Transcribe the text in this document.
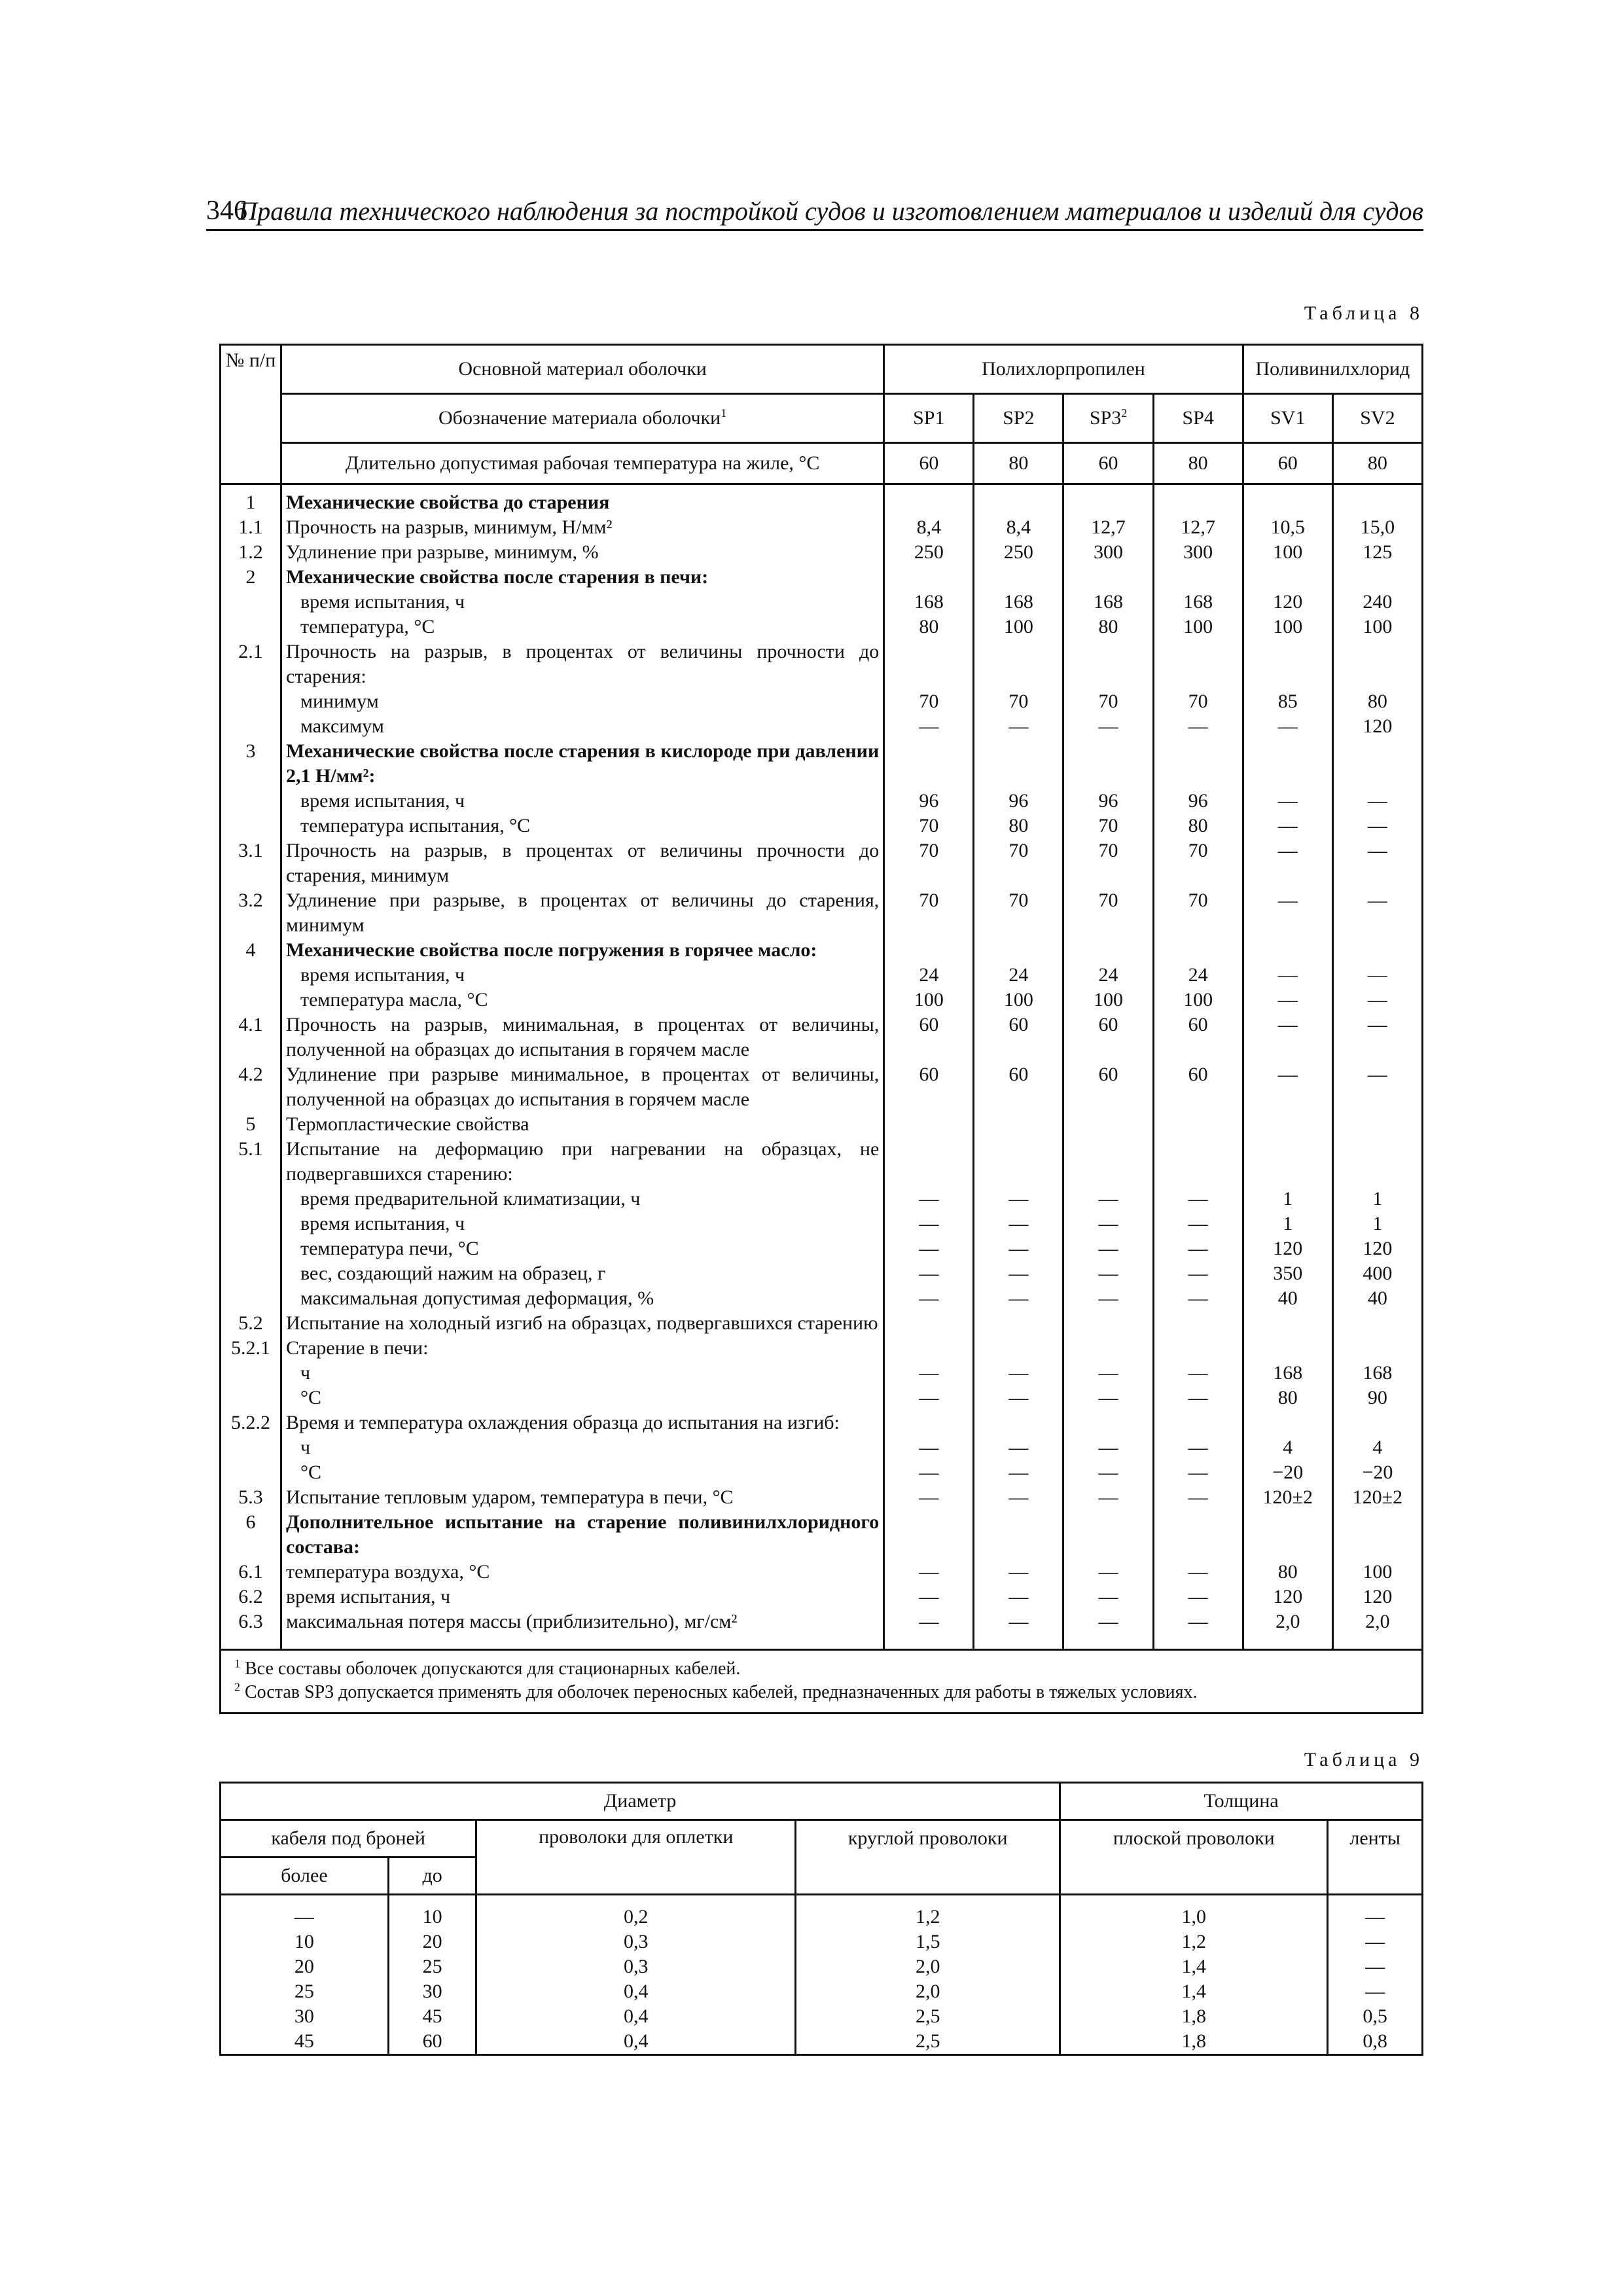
346
Правила технического наблюдения за постройкой судов и изготовлением материалов и изделий для судов
Таблица 8
№ п/п	Основной материал оболочки	Полихлорпропилен				Поливинилхлорид	
	Обозначение материала оболочки$^1$	SP1	SP2	$SP3^2$	SP4	SV1	SV2
	Длительно допустимая рабочая температура на жиле, °С	60	80	60	80	60	80
1	Механические свойства до старения						
1.1	Прочность на разрыв, минимум, Н/мм²	8,4	8,4	12,7	12,7	10,5	15,0
1.2	Удлинение при разрыве, минимум, %	250	250	300	300	100	125
2	Механические свойства после старения в печи:						
	время испытания, ч	168	168	168	168	120	240
	температура, °С	80	100	80	100	100	100
2.1	Прочность на разрыв, в процентах от величины прочности до старения:						
	минимум	70	70	70	70	85	80
	максимум	—	—	—	—	—	120
3	Механические свойства после старения в кислороде при давлении 2,1 Н/мм²:						
	время испытания, ч	96	96	96	96	—	—
	температура испытания, °С	70	80	70	80	—	—
3.1	Прочность на разрыв, в процентах от величины прочности до старения, минимум	70	70	70	70	—	—
3.2	Удлинение при разрыве, в процентах от величины до старения, минимум	70	70	70	70	—	—
4	Механические свойства после погружения в горячее масло:						
	время испытания, ч	24	24	24	24	—	—
	температура масла, °С	100	100	100	100	—	—
4.1	Прочность на разрыв, минимальная, в процентах от величины, полученной на образцах до испытания в горячем масле	60	60	60	60	—	—
4.2	Удлинение при разрыве минимальное, в процентах от величины, полученной на образцах до испытания в горячем масле	60	60	60	60	—	—
5	Термопластические свойства						
5.1	Испытание на деформацию при нагревании на образцах, не подвергавшихся старению:						
	время предварительной климатизации, ч	—	—	—	—	1	1
	время испытания, ч	—	—	—	—	1	1
	температура печи, °С	—	—	—	—	120	120
	вес, создающий нажим на образец, г	—	—	—	—	350	400
	максимальная допустимая деформация, %	—	—	—	—	40	40
5.2	Испытание на холодный изгиб на образцах, подвергавшихся старению						
5.2.1	Старение в печи:						
	ч	—	—	—	—	168	168
	°С	—	—	—	—	80	90
5.2.2	Время и температура охлаждения образца до испытания на изгиб:						
	ч	—	—	—	—	4	4
	°С	—	—	—	—	−20	−20
5.3	Испытание тепловым ударом, температура в печи, °С	—	—	—	—	120±2	120±2
6	Дополнительное испытание на старение поливинилхлоридного состава:						
6.1	температура воздуха, °С	—	—	—	—	80	100
6.2	время испытания, ч	—	—	—	—	120	120
6.3	максимальная потеря массы (приблизительно), мг/см²	—	—	—	—	2,0	2,0

$^1$ Все составы оболочек допускаются для стационарных кабелей.
$^2$ Состав SP3 допускается применять для оболочек переносных кабелей, предназначенных для работы в тяжелых условиях.							
Таблица 9
Диаметр				Толщина	
кабеля под броней		проволоки для оплетки	круглой проволоки	плоской проволоки	ленты
более	до				

—	10	0,2	1,2	1,0	—
10	20	0,3	1,5	1,2	—
20	25	0,3	2,0	1,4	—
25	30	0,4	2,0	1,4	—
30	45	0,4	2,5	1,8	0,5
45	60	0,4	2,5	1,8	0,8
